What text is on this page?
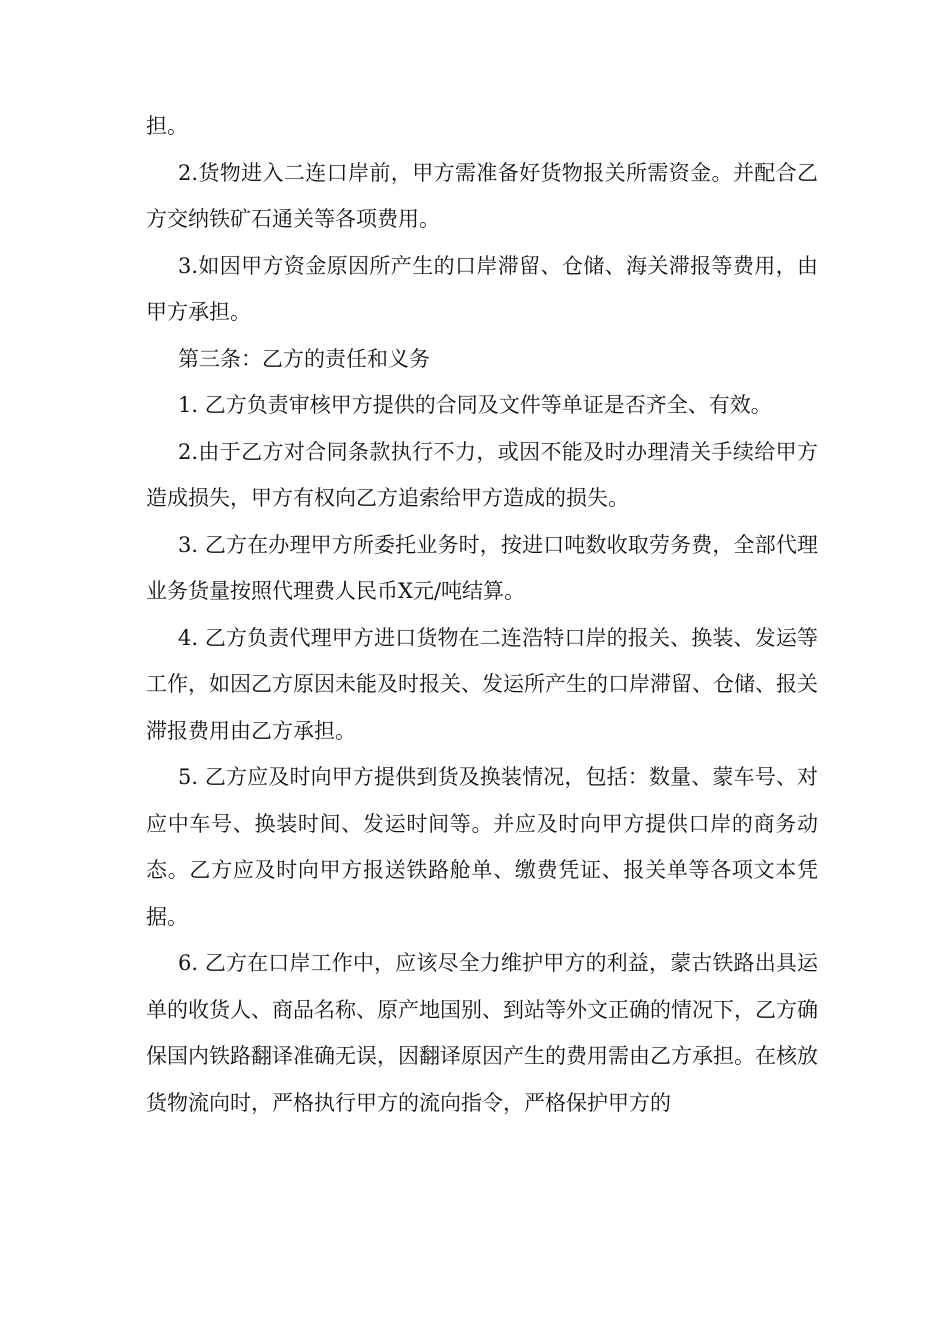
担。

2.货物进入二连口岸前，甲方需准备好货物报关所需资金。并配合乙方交纳铁矿石通关等各项费用。

3.如因甲方资金原因所产生的口岸滞留、仓储、海关滞报等费用，由甲方承担。

第三条：乙方的责任和义务

1. 乙方负责审核甲方提供的合同及文件等单证是否齐全、有效。

2.由于乙方对合同条款执行不力，或因不能及时办理清关手续给甲方造成损失，甲方有权向乙方追索给甲方造成的损失。

3. 乙方在办理甲方所委托业务时，按进口吨数收取劳务费，全部代理业务货量按照代理费人民币X元/吨结算。

4. 乙方负责代理甲方进口货物在二连浩特口岸的报关、换装、发运等工作，如因乙方原因未能及时报关、发运所产生的口岸滞留、仓储、报关滞报费用由乙方承担。

5. 乙方应及时向甲方提供到货及换装情况，包括：数量、蒙车号、对应中车号、换装时间、发运时间等。并应及时向甲方提供口岸的商务动态。乙方应及时向甲方报送铁路舱单、缴费凭证、报关单等各项文本凭据。

6. 乙方在口岸工作中，应该尽全力维护甲方的利益，蒙古铁路出具运单的收货人、商品名称、原产地国别、到站等外文正确的情况下，乙方确保国内铁路翻译准确无误，因翻译原因产生的费用需由乙方承担。在核放货物流向时，严格执行甲方的流向指令，严格保护甲方的
